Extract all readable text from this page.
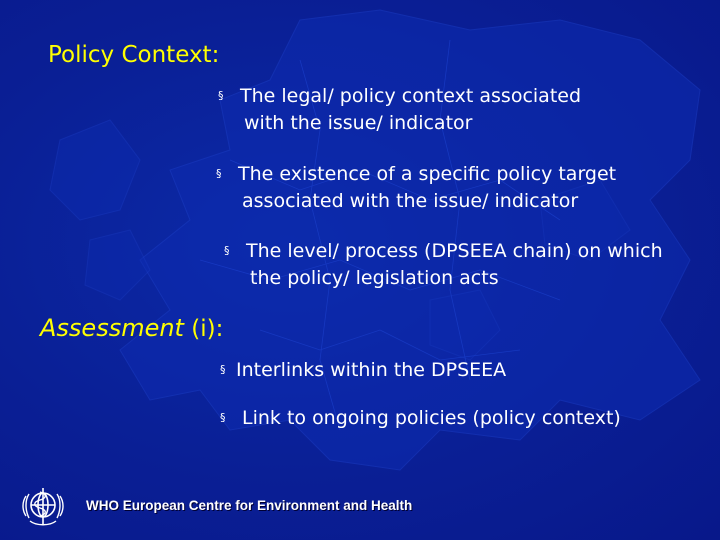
Policy Context:
§ The legal/ policy context associated
with the issue/ indicator
§ The existence of a specific policy target
associated with the issue/ indicator
§ The level/ process (DPSEEA chain) on which
the policy/ legislation acts
Assessment (i):
§ Interlinks within the DPSEEA
§ Link to ongoing policies (policy context)
WHO European Centre for Environment and Health
